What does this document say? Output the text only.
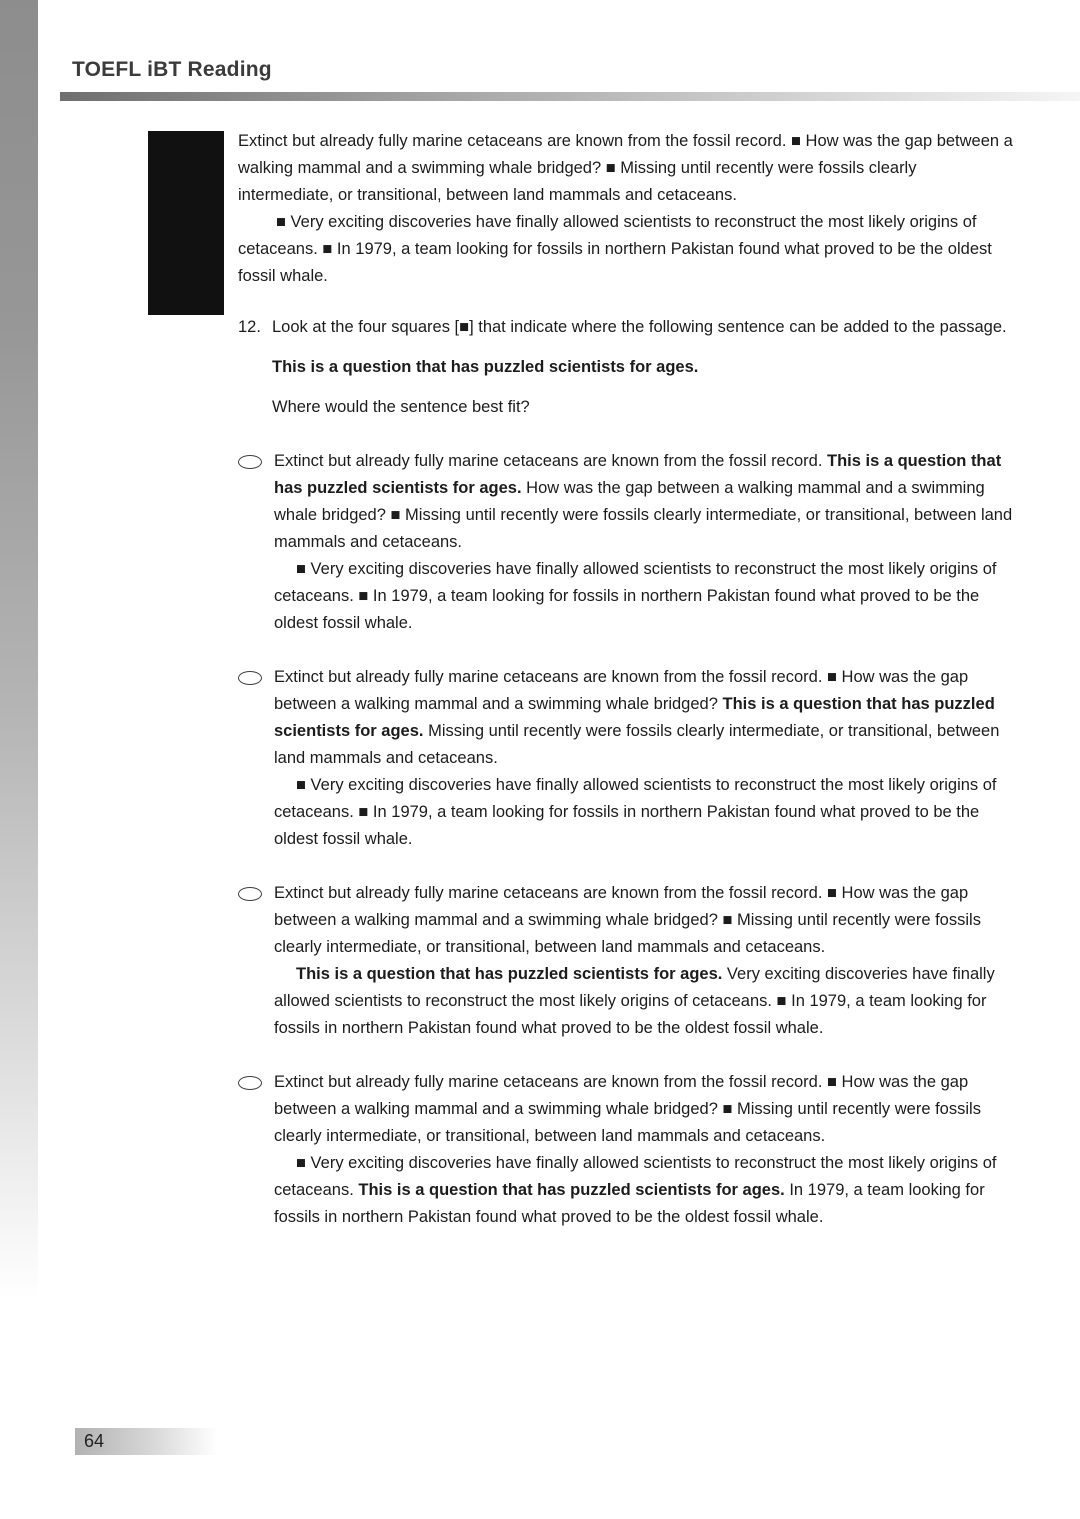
TOEFL iBT Reading

Extinct but already fully marine cetaceans are known from the fossil record. ■ How was the gap between a walking mammal and a swimming whale bridged? ■ Missing until recently were fossils clearly intermediate, or transitional, between land mammals and cetaceans.

■ Very exciting discoveries have finally allowed scientists to reconstruct the most likely origins of cetaceans. ■ In 1979, a team looking for fossils in northern Pakistan found what proved to be the oldest fossil whale.

12. Look at the four squares [■] that indicate where the following sentence can be added to the passage.
This is a question that has puzzled scientists for ages.
Where would the sentence best fit?

Extinct but already fully marine cetaceans are known from the fossil record. This is a question that has puzzled scientists for ages. How was the gap between a walking mammal and a swimming whale bridged? ■ Missing until recently were fossils clearly intermediate, or transitional, between land mammals and cetaceans.

■ Very exciting discoveries have finally allowed scientists to reconstruct the most likely origins of cetaceans. ■ In 1979, a team looking for fossils in northern Pakistan found what proved to be the oldest fossil whale.

Extinct but already fully marine cetaceans are known from the fossil record. ■ How was the gap between a walking mammal and a swimming whale bridged? This is a question that has puzzled scientists for ages. Missing until recently were fossils clearly intermediate, or transitional, between land mammals and cetaceans.

■ Very exciting discoveries have finally allowed scientists to reconstruct the most likely origins of cetaceans. ■ In 1979, a team looking for fossils in northern Pakistan found what proved to be the oldest fossil whale.

Extinct but already fully marine cetaceans are known from the fossil record. ■ How was the gap between a walking mammal and a swimming whale bridged? ■ Missing until recently were fossils clearly intermediate, or transitional, between land mammals and cetaceans.

This is a question that has puzzled scientists for ages. Very exciting discoveries have finally allowed scientists to reconstruct the most likely origins of cetaceans. ■ In 1979, a team looking for fossils in northern Pakistan found what proved to be the oldest fossil whale.

Extinct but already fully marine cetaceans are known from the fossil record. ■ How was the gap between a walking mammal and a swimming whale bridged? ■ Missing until recently were fossils clearly intermediate, or transitional, between land mammals and cetaceans.

■ Very exciting discoveries have finally allowed scientists to reconstruct the most likely origins of cetaceans. This is a question that has puzzled scientists for ages. In 1979, a team looking for fossils in northern Pakistan found what proved to be the oldest fossil whale.

64
